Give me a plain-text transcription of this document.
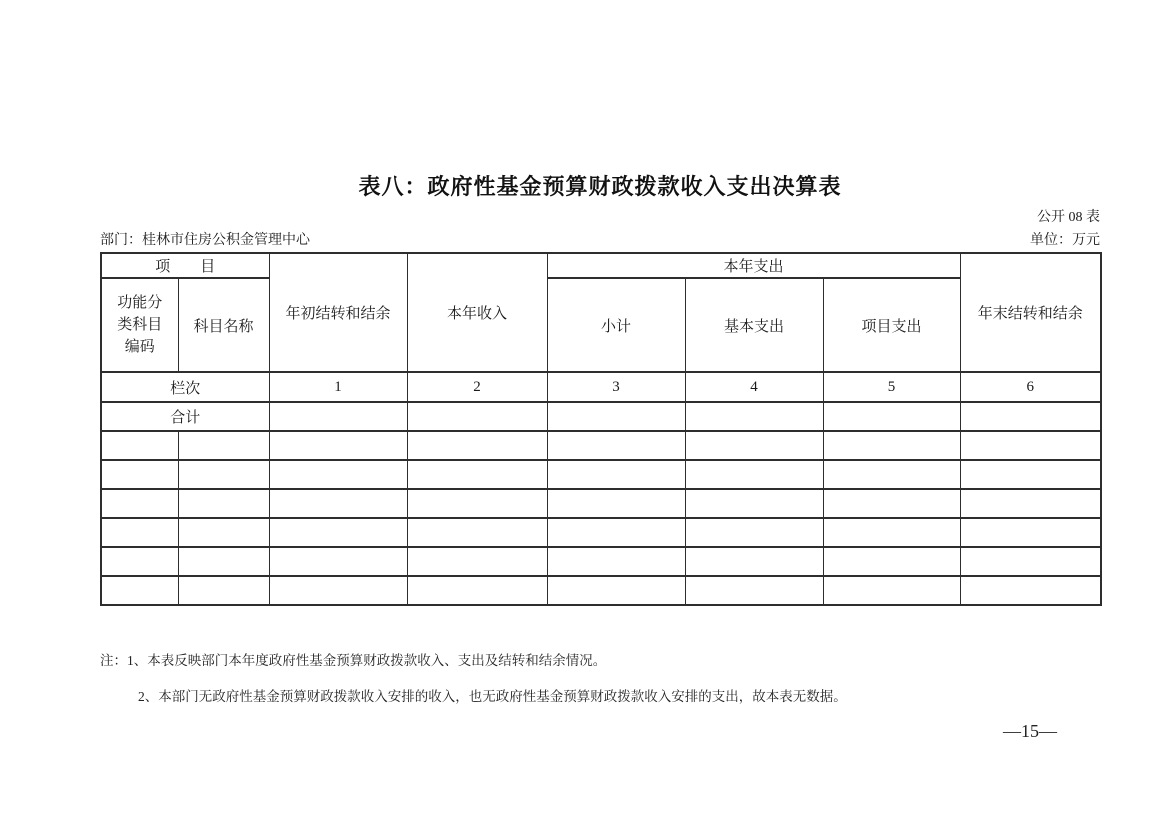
表八：政府性基金预算财政拨款收入支出决算表
公开 08 表
部门：桂林市住房公积金管理中心	单位：万元
项　　目		年初结转和结余	本年收入	本年支出			年末结转和结余
功能分类科目编码	科目名称			小计	基本支出	项目支出	
栏次		1	2	3	4	5	6
合计							

注：1、本表反映部门本年度政府性基金预算财政拨款收入、支出及结转和结余情况。
2、本部门无政府性基金预算财政拨款收入安排的收入，也无政府性基金预算财政拨款收入安排的支出，故本表无数据。
—15—
